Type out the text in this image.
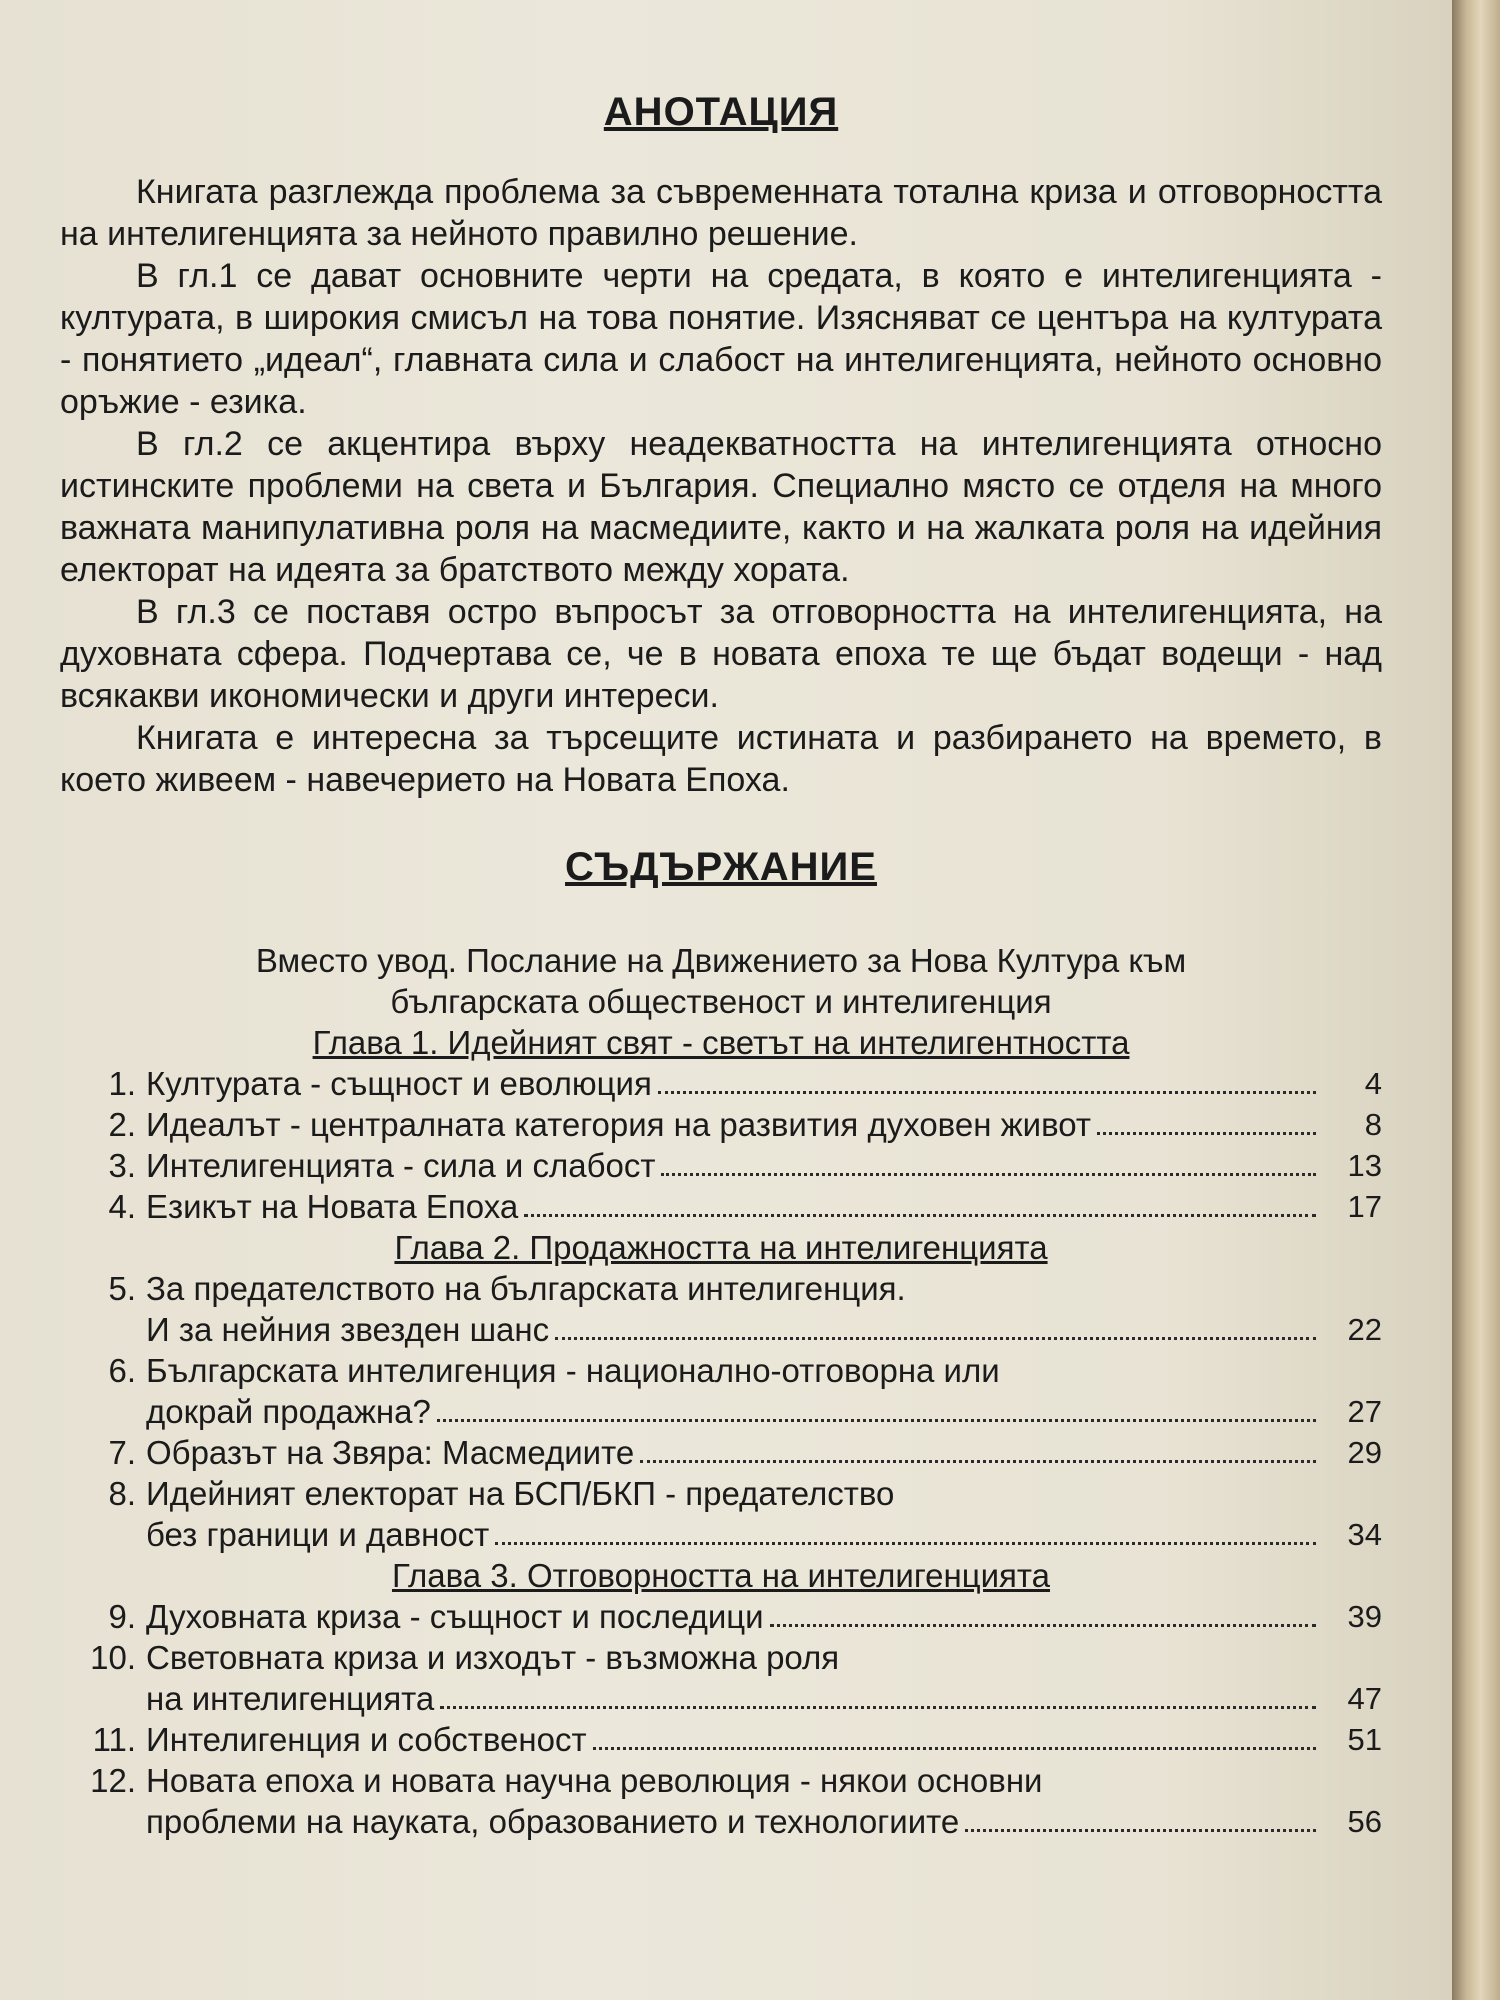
АНОТАЦИЯ

Книгата разглежда проблема за съвременната тотална криза и отговорността на интелигенцията за нейното правилно решение.

В гл.1 се дават основните черти на средата, в която е интелигенцията - културата, в широкия смисъл на това понятие. Изясняват се центъра на културата - понятието „идеал“, главната сила и слабост на интелигенцията, нейното основно оръжие - езика.

В гл.2 се акцентира върху неадекватността на интелигенцията относно истинските проблеми на света и България. Специално място се отделя на много важната манипулативна роля на масмедиите, както и на жалката роля на идейния електорат на идеята за братството между хората.

В гл.3 се поставя остро въпросът за отговорността на интелигенцията, на духовната сфера. Подчертава се, че в новата епоха те ще бъдат водещи - над всякакви икономически и други интереси.

Книгата е интересна за търсещите истината и разбирането на времето, в което живеем - навечерието на Новата Епоха.

СЪДЪРЖАНИЕ

Вместо увод. Послание на Движението за Нова Култура към

българската общественост и интелигенция

Глава 1. Идейният свят - светът на интелигентността

1. Културата - същност и еволюция	4
2. Идеалът - централната категория на развития духовен живот	8
3. Интелигенцията - сила и слабост	13
4. Езикът на Новата Епоха	17

Глава 2. Продажността на интелигенцията

5. За предателството на българската интелигенция.
И за нейния звезден шанс	22
6. Българската интелигенция - национално-отговорна или
докрай продажна?	27
7. Образът на Звяра: Масмедиите	29
8. Идейният електорат на БСП/БКП - предателство
без граници и давност	34

Глава 3. Отговорността на интелигенцията

9. Духовната криза - същност и последици	39
10. Световната криза и изходът - възможна роля
на интелигенцията	47
11. Интелигенция и собственост	51
12. Новата епоха и новата научна революция - някои основни
проблеми на науката, образованието и технологиите	56
